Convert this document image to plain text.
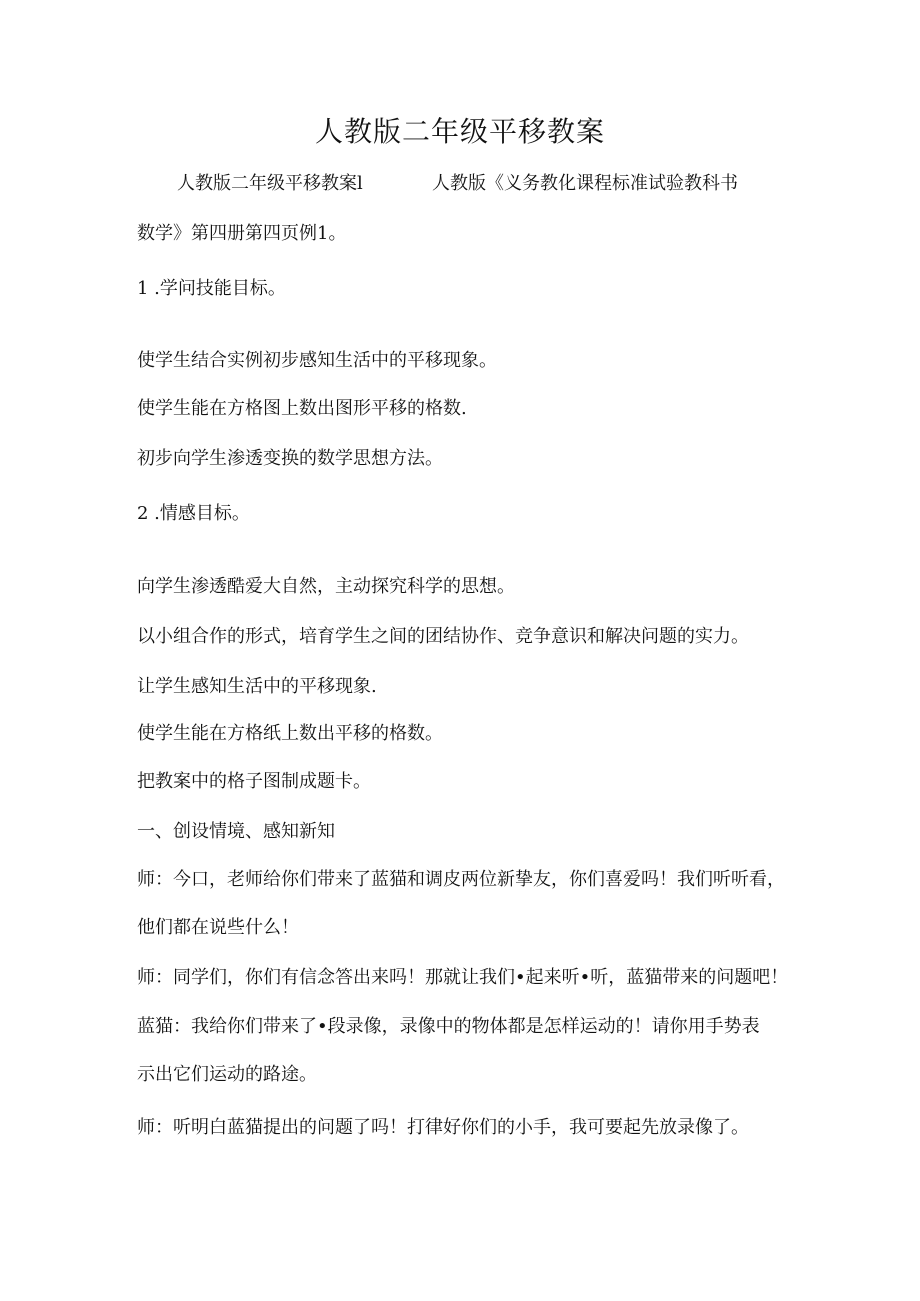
人教版二年级平移教案
人教版二年级平移教案l	人教版《义务教化课程标准试验教科书
数学》第四册第四页例1。
1 .学问技能目标。
使学生结合实例初步感知生活中的平移现象。
使学生能在方格图上数出图形平移的格数.
初步向学生渗透变换的数学思想方法。
2 .情感目标。
向学生渗透酷爱大自然，主动探究科学的思想。
以小组合作的形式，培育学生之间的团结协作、竞争意识和解决问题的实力。
让学生感知生活中的平移现象.
使学生能在方格纸上数出平移的格数。
把教案中的格子图制成题卡。
一、创设情境、感知新知
师：今口，老师给你们带来了蓝猫和调皮两位新挚友，你们喜爱吗！我们听听看，
他们都在说些什么！
师：同学们，你们有信念答出来吗！那就让我们•起来听•听，蓝猫带来的问题吧！
蓝猫：我给你们带来了•段录像，录像中的物体都是怎样运动的！请你用手势表
示出它们运动的路途。
师：听明白蓝猫提出的问题了吗！打律好你们的小手，我可要起先放录像了。
